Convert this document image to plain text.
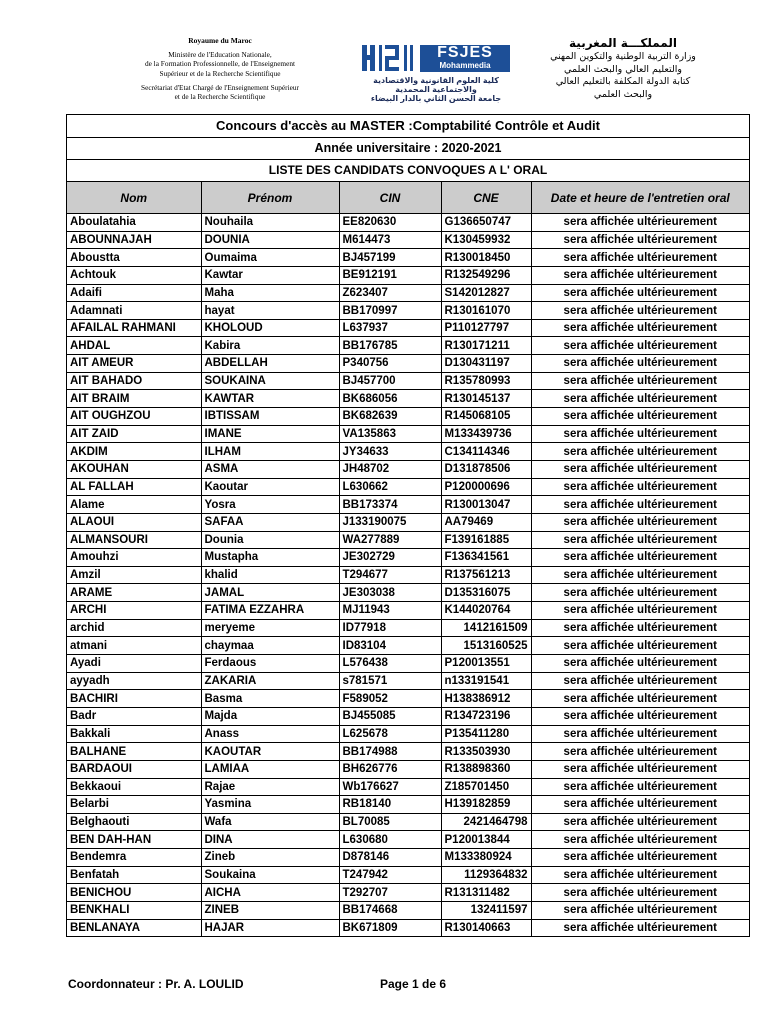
Royaume du Maroc
Ministère de l'Education Nationale,
de la Formation Professionnelle, de l'Enseignement
Supérieur et de la Recherche Scientifique
Secrétariat d'Etat Chargé de l'Enseignement Supérieur
et de la Recherche Scientifique
FSJES
Mohammedia
كلية العلوم القانونية والاقتصادية
والاجتماعية المحمدية
جامعة الحسن الثاني بالدار البيضاء
المملكـــة المغربية
وزارة التربية الوطنية والتكوين المهني
والتعليم العالي والبحث العلمي
كتابة الدولة المكلفة بالتعليم العالي
والبحث العلمي
Concours d'accès au MASTER :Comptabilité Contrôle et Audit
Année universitaire : 2020-2021
LISTE DES CANDIDATS CONVOQUES A L' ORAL
Nom	Prénom	CIN	CNE	Date et heure de l'entretien oral
Aboulatahia	Nouhaila	EE820630	G136650747	sera affichée ultérieurement
ABOUNNAJAH	DOUNIA	M614473	K130459932	sera affichée ultérieurement
Aboustta	Oumaima	BJ457199	R130018450	sera affichée ultérieurement
Achtouk	Kawtar	BE912191	R132549296	sera affichée ultérieurement
Adaifi	Maha	Z623407	S142012827	sera affichée ultérieurement
Adamnati	hayat	BB170997	R130161070	sera affichée ultérieurement
AFAILAL RAHMANI	KHOLOUD	L637937	P110127797	sera affichée ultérieurement
AHDAL	Kabira	BB176785	R130171211	sera affichée ultérieurement
AIT AMEUR	ABDELLAH	P340756	D130431197	sera affichée ultérieurement
AIT BAHADO	SOUKAINA	BJ457700	R135780993	sera affichée ultérieurement
AIT BRAIM	KAWTAR	BK686056	R130145137	sera affichée ultérieurement
AIT OUGHZOU	IBTISSAM	BK682639	R145068105	sera affichée ultérieurement
AIT ZAID	IMANE	VA135863	M133439736	sera affichée ultérieurement
AKDIM	ILHAM	JY34633	C134114346	sera affichée ultérieurement
AKOUHAN	ASMA	JH48702	D131878506	sera affichée ultérieurement
AL FALLAH	Kaoutar	L630662	P120000696	sera affichée ultérieurement
Alame	Yosra	BB173374	R130013047	sera affichée ultérieurement
ALAOUI	SAFAA	J133190075	AA79469	sera affichée ultérieurement
ALMANSOURI	Dounia	WA277889	F139161885	sera affichée ultérieurement
Amouhzi	Mustapha	JE302729	F136341561	sera affichée ultérieurement
Amzil	khalid	T294677	R137561213	sera affichée ultérieurement
ARAME	JAMAL	JE303038	D135316075	sera affichée ultérieurement
ARCHI	FATIMA EZZAHRA	MJ11943	K144020764	sera affichée ultérieurement
archid	meryeme	ID77918	1412161509	sera affichée ultérieurement
atmani	chaymaa	ID83104	1513160525	sera affichée ultérieurement
Ayadi	Ferdaous	L576438	P120013551	sera affichée ultérieurement
ayyadh	ZAKARIA	s781571	n133191541	sera affichée ultérieurement
BACHIRI	Basma	F589052	H138386912	sera affichée ultérieurement
Badr	Majda	BJ455085	R134723196	sera affichée ultérieurement
Bakkali	Anass	L625678	P135411280	sera affichée ultérieurement
BALHANE	KAOUTAR	BB174988	R133503930	sera affichée ultérieurement
BARDAOUI	LAMIAA	BH626776	R138898360	sera affichée ultérieurement
Bekkaoui	Rajae	Wb176627	Z185701450	sera affichée ultérieurement
Belarbi	Yasmina	RB18140	H139182859	sera affichée ultérieurement
Belghaouti	Wafa	BL70085	2421464798	sera affichée ultérieurement
BEN DAH-HAN	DINA	L630680	P120013844	sera affichée ultérieurement
Bendemra	Zineb	D878146	M133380924	sera affichée ultérieurement
Benfatah	Soukaina	T247942	1129364832	sera affichée ultérieurement
BENICHOU	AICHA	T292707	R131311482	sera affichée ultérieurement
BENKHALI	ZINEB	BB174668	132411597	sera affichée ultérieurement
BENLANAYA	HAJAR	BK671809	R130140663	sera affichée ultérieurement
Coordonnateur : Pr. A. LOULID	Page 1 de 6
